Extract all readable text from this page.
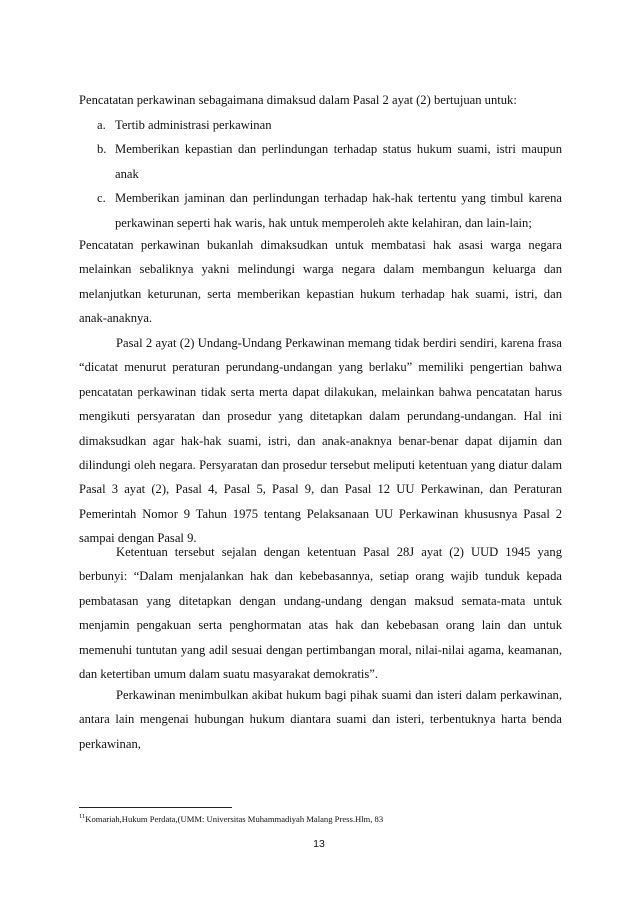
Pencatatan perkawinan sebagaimana dimaksud dalam Pasal 2 ayat (2) bertujuan untuk:
a. Tertib administrasi perkawinan
b. Memberikan kepastian dan perlindungan terhadap status hukum suami, istri maupun anak
c. Memberikan jaminan dan perlindungan terhadap hak-hak tertentu yang timbul karena perkawinan seperti hak waris, hak untuk memperoleh akte kelahiran, dan lain-lain;
Pencatatan perkawinan bukanlah dimaksudkan untuk membatasi hak asasi warga negara melainkan sebaliknya yakni melindungi warga negara dalam membangun keluarga dan melanjutkan keturunan, serta memberikan kepastian hukum terhadap hak suami, istri, dan anak-anaknya.
Pasal 2 ayat (2) Undang-Undang Perkawinan memang tidak berdiri sendiri, karena frasa “dicatat menurut peraturan perundang-undangan yang berlaku” memiliki pengertian bahwa pencatatan perkawinan tidak serta merta dapat dilakukan, melainkan bahwa pencatatan harus mengikuti persyaratan dan prosedur yang ditetapkan dalam perundang-undangan. Hal ini dimaksudkan agar hak-hak suami, istri, dan anak-anaknya benar-benar dapat dijamin dan dilindungi oleh negara. Persyaratan dan prosedur tersebut meliputi ketentuan yang diatur dalam Pasal 3 ayat (2), Pasal 4, Pasal 5, Pasal 9, dan Pasal 12 UU Perkawinan, dan Peraturan Pemerintah Nomor 9 Tahun 1975 tentang Pelaksanaan UU Perkawinan khususnya Pasal 2 sampai dengan Pasal 9.
Ketentuan tersebut sejalan dengan ketentuan Pasal 28J ayat (2) UUD 1945 yang berbunyi: “Dalam menjalankan hak dan kebebasannya, setiap orang wajib tunduk kepada pembatasan yang ditetapkan dengan undang-undang dengan maksud semata-mata untuk menjamin pengakuan serta penghormatan atas hak dan kebebasan orang lain dan untuk memenuhi tuntutan yang adil sesuai dengan pertimbangan moral, nilai-nilai agama, keamanan, dan ketertiban umum dalam suatu masyarakat demokratis”.
Perkawinan menimbulkan akibat hukum bagi pihak suami dan isteri dalam perkawinan, antara lain mengenai hubungan hukum diantara suami dan isteri, terbentuknya harta benda perkawinan,
$^{11}$Komariah,Hukum Perdata,(UMM: Universitas Muhammadiyah Malang Press.Hlm, 83
13
